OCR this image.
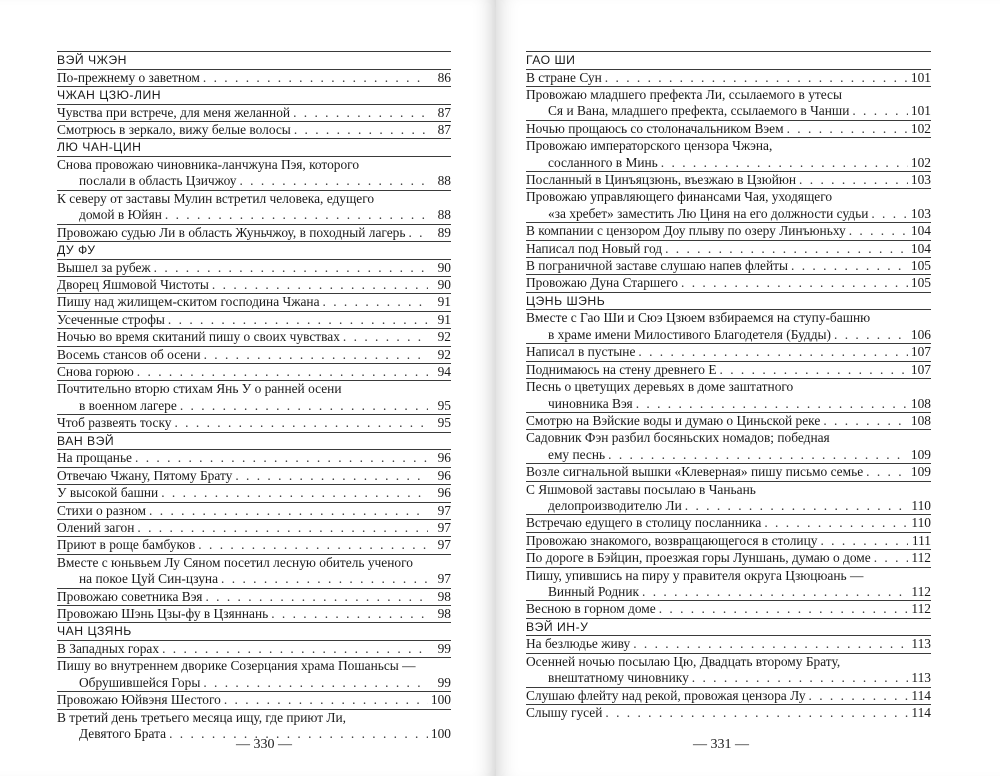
ВЭЙ ЧЖЭН
По-прежнему о заветном . . .	86
ЧЖАН ЦЗЮ-ЛИН
Чувства при встрече, для меня желанной . . .	87
Смотрюсь в зеркало, вижу белые волосы . . .	87
ЛЮ ЧАН-ЦИН
Снова провожаю чиновника-ланчжуна Пэя, которого
послали в область Цзичжоу . . .	88
К северу от заставы Мулин встретил человека, едущего
домой в Юйян . . .	88
Провожаю судью Ли в область Жуньчжоу, в походный лагерь . . .	89
ДУ ФУ
Вышел за рубеж . . .	90
Дворец Яшмовой Чистоты . . .	90
Пишу над жилищем-скитом господина Чжана . . .	91
Усеченные строфы . . .	91
Ночью во время скитаний пишу о своих чувствах . . .	92
Восемь стансов об осени . . .	92
Снова горюю . . .	94
Почтительно вторю стихам Янь У о ранней осени
в военном лагере . . .	95
Чтоб развеять тоску . . .	95
ВАН ВЭЙ
На прощанье . . .	96
Отвечаю Чжану, Пятому Брату . . .	96
У высокой башни . . .	96
Стихи о разном . . .	97
Олений загон . . .	97
Приют в роще бамбуков . . .	97
Вместе с юньвьем Лу Сяном посетил лесную обитель ученого
на покое Цуй Син-цзуна . . .	97
Провожаю советника Вэя . . .	98
Провожаю Шэнь Цзы-фу в Цзяннань . . .	98
ЧАН ЦЗЯНЬ
В Западных горах . . .	99
Пишу во внутреннем дворике Созерцания храма Пошаньсы —
Обрушившейся Горы . . .	99
Провожаю Юйвэня Шестого . . .	100
В третий день третьего месяца ищу, где приют Ли,
Девятого Брата . . .	100
— 330 —
ГАО ШИ
В стране Сун . . .	101
Провожаю младшего префекта Ли, ссылаемого в утесы
Ся и Вана, младшего префекта, ссылаемого в Чанши . . .	101
Ночью прощаюсь со столоначальником Вэем . . .	102
Провожаю императорского цензора Чжэна,
сосланного в Минь . . .	102
Посланный в Цинъяцзюнь, въезжаю в Цзюйюн . . .	103
Провожаю управляющего финансами Чая, уходящего
«за хребет» заместить Лю Циня на его должности судьи . . .	103
В компании с цензором Доу плыву по озеру Линъюньху . . .	104
Написал под Новый год . . .	104
В пограничной заставе слушаю напев флейты . . .	105
Провожаю Дуна Старшего . . .	105
ЦЭНЬ ШЭНЬ
Вместе с Гао Ши и Сюэ Цзюем взбираемся на ступу-башню
в храме имени Милостивого Благодетеля (Будды) . . .	106
Написал в пустыне . . .	107
Поднимаюсь на стену древнего Е . . .	107
Песнь о цветущих деревьях в доме заштатного
чиновника Вэя . . .	108
Смотрю на Вэйские воды и думаю о Циньской реке . . .	108
Садовник Фэн разбил босяньских номадов; победная
ему песнь . . .	109
Возле сигнальной вышки «Клеверная» пишу письмо семье . . .	109
С Яшмовой заставы посылаю в Чаньань
делопроизводителю Ли . . .	110
Встречаю едущего в столицу посланника . . .	110
Провожаю знакомого, возвращающегося в столицу . . .	111
По дороге в Бэйцин, проезжая горы Луншань, думаю о доме . . .	112
Пишу, упившись на пиру у правителя округа Цзюцюань —
Винный Родник . . .	112
Весною в горном доме . . .	112
ВЭЙ ИН-У
На безлюдье живу . . .	113
Осенней ночью посылаю Цю, Двадцать второму Брату,
внештатному чиновнику . . .	113
Слушаю флейту над рекой, провожая цензора Лу . . .	114
Слышу гусей . . .	114
— 331 —
